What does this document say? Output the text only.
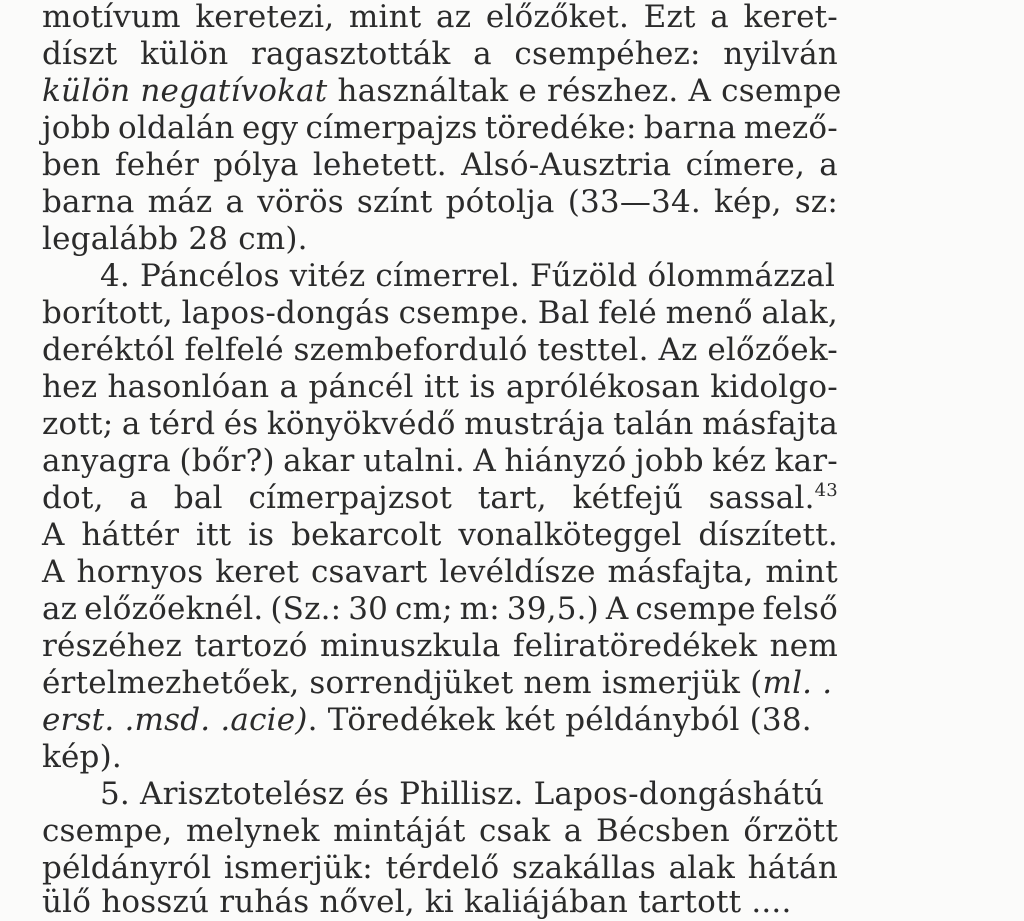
motívum keretezi, mint az előzőket. Ezt a keret-
díszt külön ragasztották a csempéhez: nyilván
külön negatívokat használtak e részhez. A csempe
jobb oldalán egy címerpajzs töredéke: barna mező-
ben fehér pólya lehetett. Alsó-Ausztria címere, a
barna máz a vörös színt pótolja (33—34. kép, sz:
legalább 28 cm).
4. Páncélos vitéz címerrel. Fűzöld ólommázzal
borított, lapos-dongás csempe. Bal felé menő alak,
deréktól felfelé szembeforduló testtel. Az előzőek-
hez hasonlóan a páncél itt is aprólékosan kidolgo-
zott; a térd és könyökvédő mustrája talán másfajta
anyagra (bőr?) akar utalni. A hiányzó jobb kéz kar-
dot, a bal címerpajzsot tart, kétfejű sassal.$^{43}$
A háttér itt is bekarcolt vonalköteggel díszített.
A hornyos keret csavart levéldísze másfajta, mint
az előzőeknél. (Sz.: 30 cm; m: 39,5.) A csempe felső
részéhez tartozó minuszkula feliratöredékek nem
értelmezhetőek, sorrendjüket nem ismerjük (ml. .
erst. .msd. .acie). Töredékek két példányból (38.
kép).
5. Arisztotelész és Phillisz. Lapos-dongáshátú
csempe, melynek mintáját csak a Bécsben őrzött
példányról ismerjük: térdelő szakállas alak hátán
ülő hosszú ruhás nővel, ki kaliájában tartott ....
